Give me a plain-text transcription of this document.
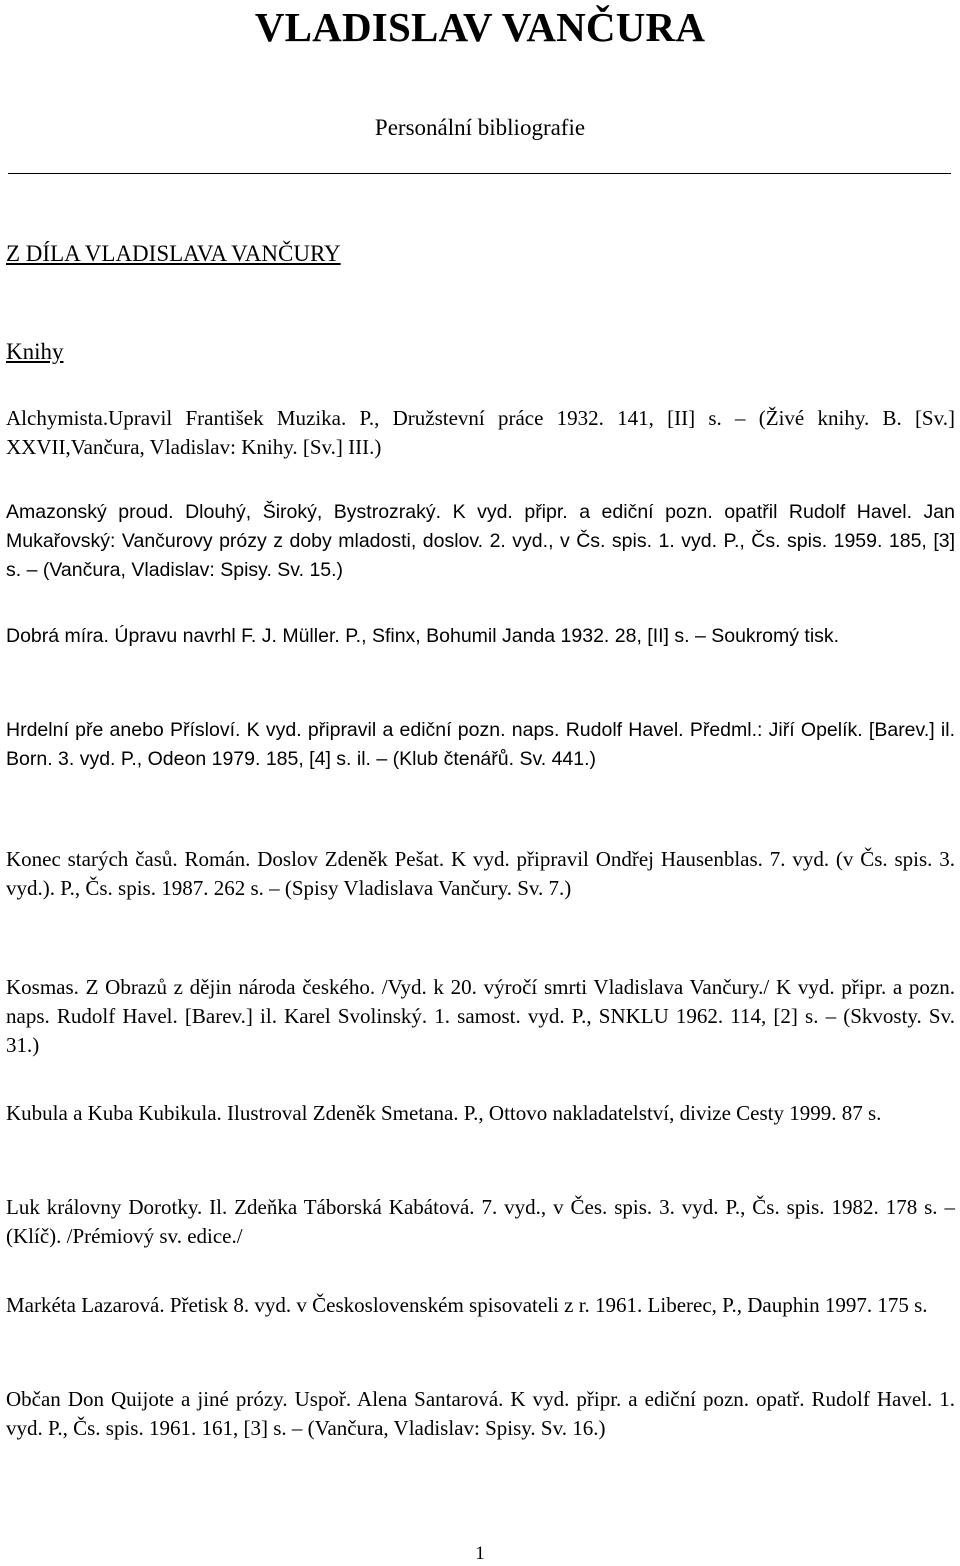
VLADISLAV VANČURA
Personální bibliografie
Z DÍLA VLADISLAVA VANČURY
Knihy
Alchymista.Upravil František Muzika. P., Družstevní práce 1932. 141, [II] s. – (Živé knihy. B. [Sv.] XXVII,Vančura, Vladislav: Knihy. [Sv.] III.)
Amazonský proud. Dlouhý, Široký, Bystrozraký. K vyd. připr. a ediční pozn. opatřil Rudolf Havel. Jan Mukařovský: Vančurovy prózy z doby mladosti, doslov. 2. vyd., v Čs. spis. 1. vyd. P., Čs. spis. 1959. 185, [3] s. – (Vančura, Vladislav: Spisy. Sv. 15.)
Dobrá míra. Úpravu navrhl F. J. Müller. P., Sfinx, Bohumil Janda 1932. 28, [II] s. – Soukromý tisk.
Hrdelní pře anebo Přísloví. K vyd. připravil a ediční pozn. naps. Rudolf Havel. Předml.: Jiří Opelík. [Barev.] il. Born. 3. vyd. P., Odeon 1979. 185, [4] s. il. – (Klub čtenářů. Sv. 441.)
Konec starých časů. Román. Doslov Zdeněk Pešat. K vyd. připravil Ondřej Hausenblas. 7. vyd. (v Čs. spis. 3. vyd.). P., Čs. spis. 1987. 262 s. – (Spisy Vladislava Vančury. Sv. 7.)
Kosmas. Z Obrazů z dějin národa českého. /Vyd. k 20. výročí smrti Vladislava Vančury./ K vyd. připr. a pozn. naps. Rudolf Havel. [Barev.] il. Karel Svolinský. 1. samost. vyd. P., SNKLU 1962. 114, [2] s. – (Skvosty. Sv. 31.)
Kubula a Kuba Kubikula. Ilustroval Zdeněk Smetana. P., Ottovo nakladatelství, divize Cesty 1999. 87 s.
Luk královny Dorotky. Il. Zdeňka Táborská Kabátová. 7. vyd., v Čes. spis. 3. vyd. P., Čs. spis. 1982. 178 s. – (Klíč). /Prémiový sv. edice./
Markéta Lazarová. Přetisk 8. vyd. v Československém spisovateli z r. 1961. Liberec, P., Dauphin 1997. 175 s.
Občan Don Quijote a jiné prózy. Uspoř. Alena Santarová. K vyd. připr. a ediční pozn. opatř. Rudolf Havel. 1. vyd. P., Čs. spis. 1961. 161, [3] s. – (Vančura, Vladislav: Spisy. Sv. 16.)
1
